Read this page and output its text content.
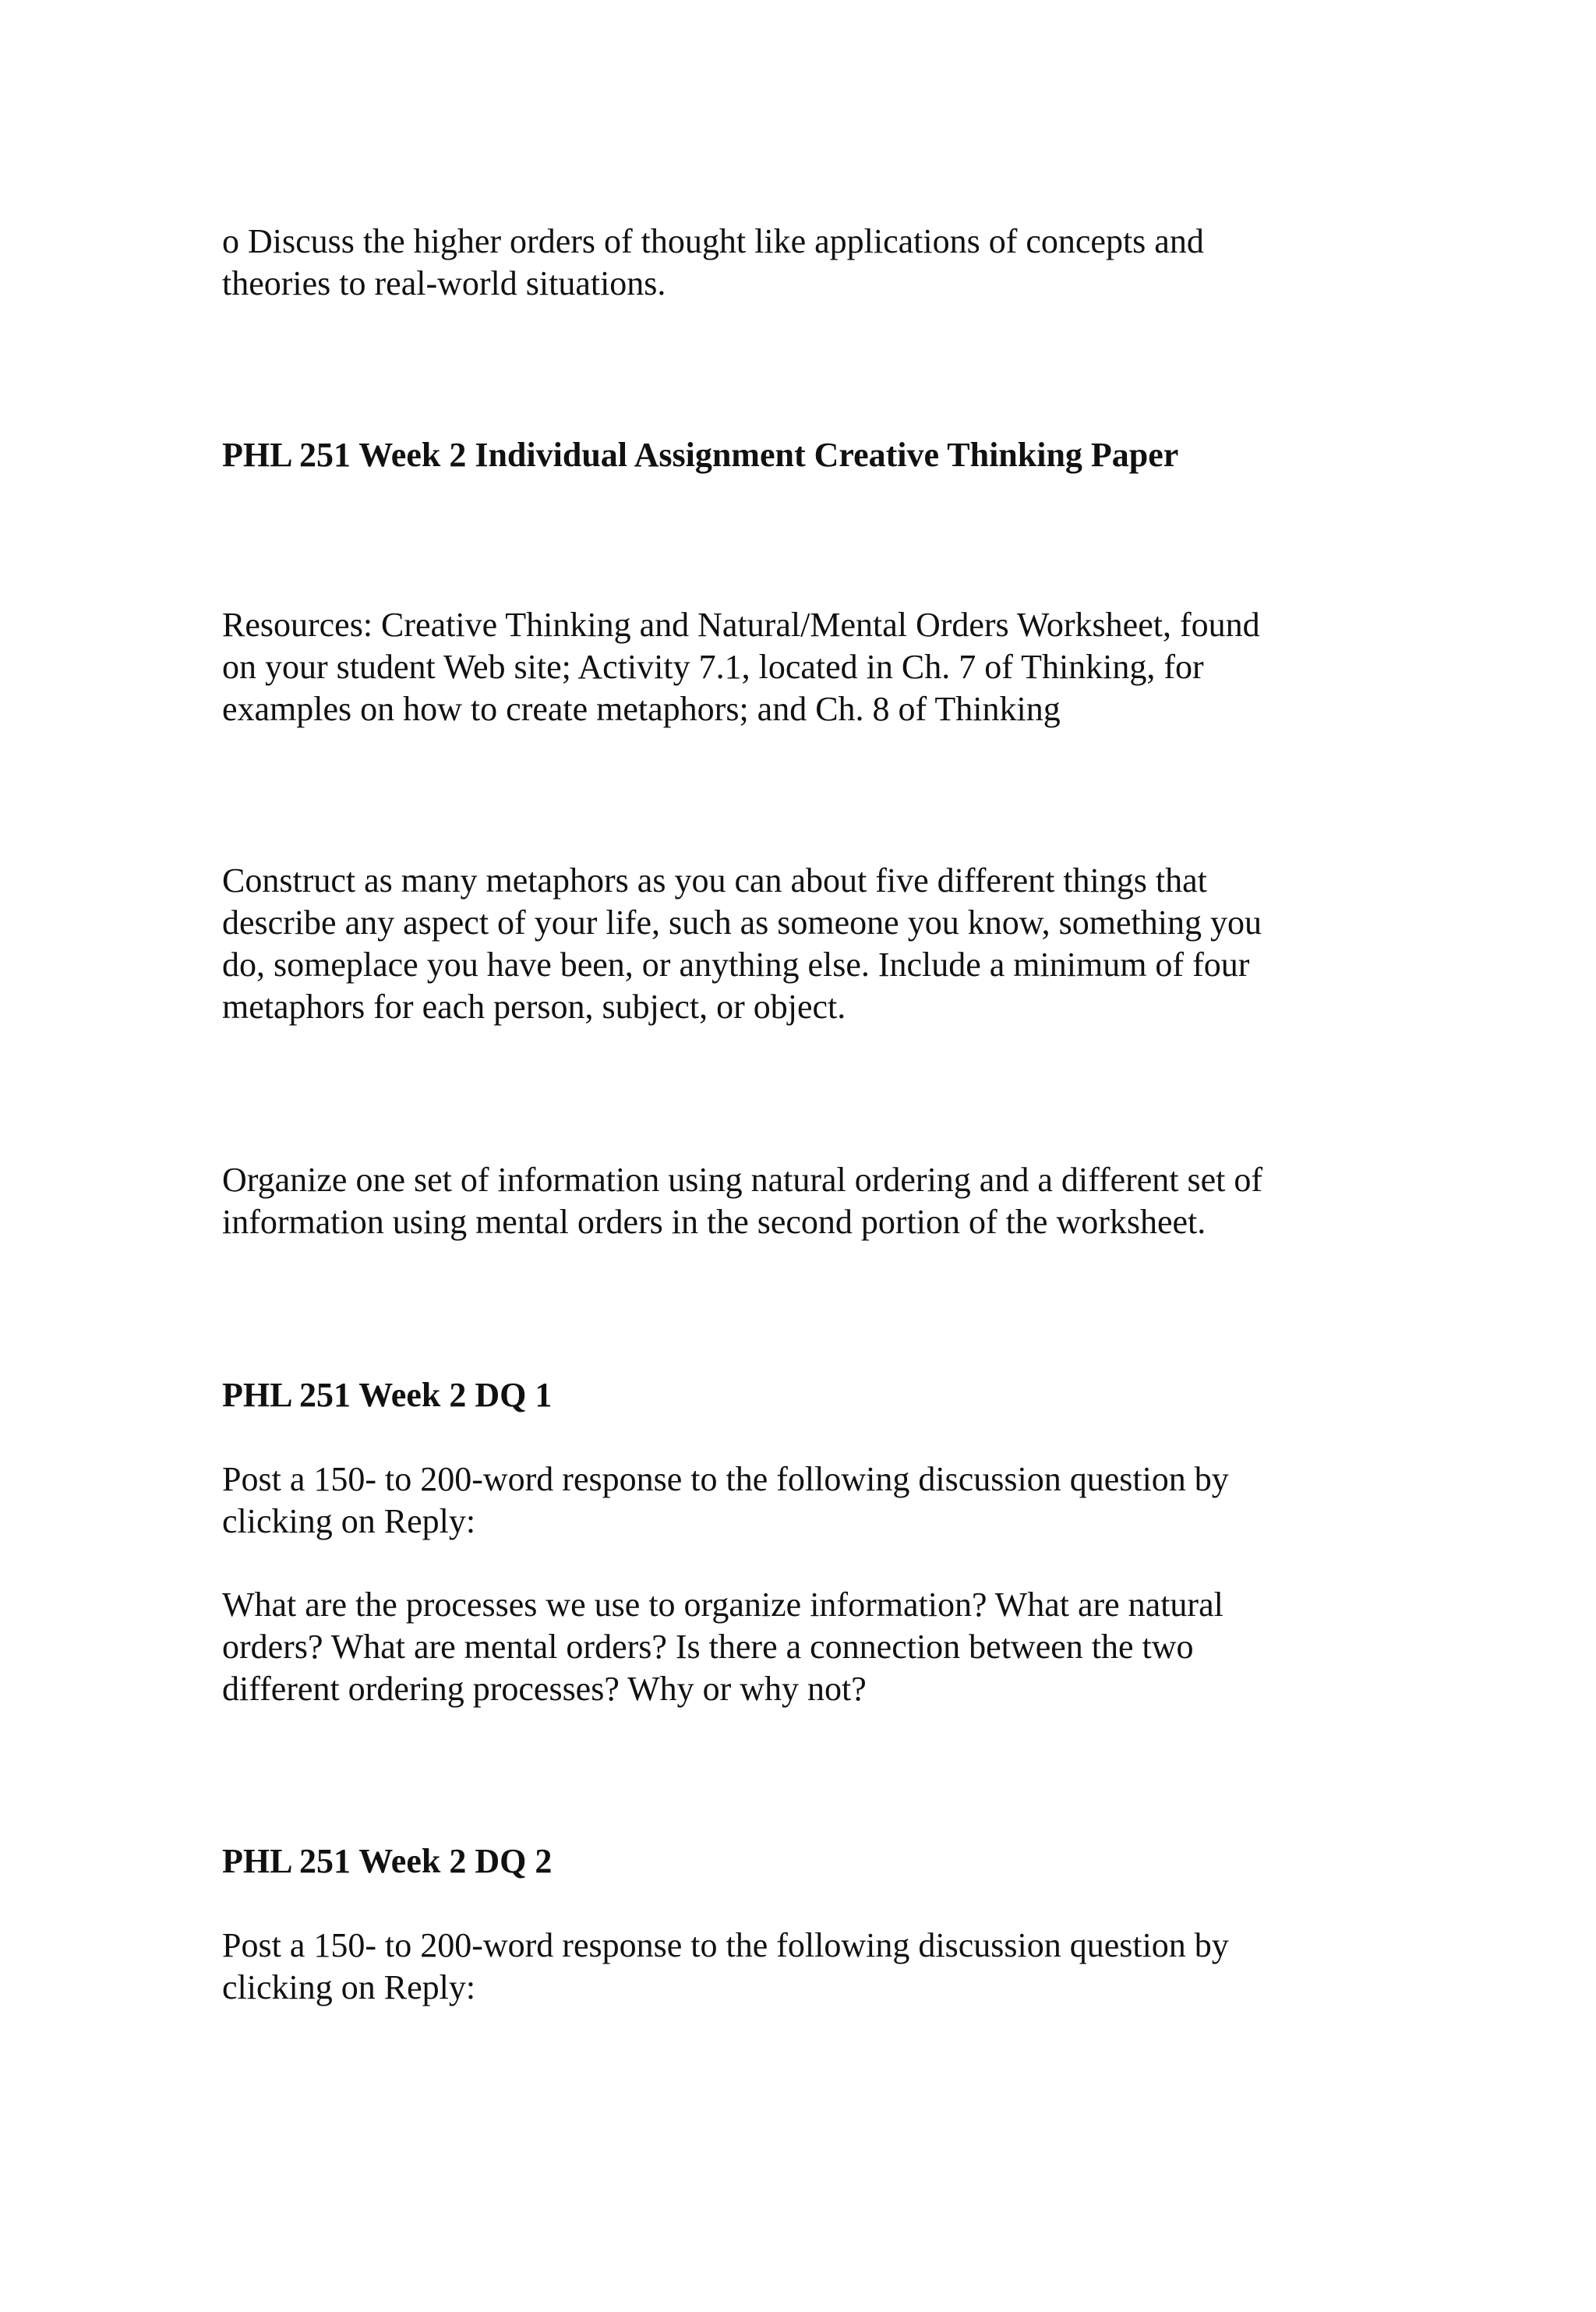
o Discuss the higher orders of thought like applications of concepts and

theories to real-world situations.

PHL 251 Week 2 Individual Assignment Creative Thinking Paper

Resources: Creative Thinking and Natural/Mental Orders Worksheet, found

on your student Web site; Activity 7.1, located in Ch. 7 of Thinking, for

examples on how to create metaphors; and Ch. 8 of Thinking

Construct as many metaphors as you can about five different things that

describe any aspect of your life, such as someone you know, something you

do, someplace you have been, or anything else. Include a minimum of four

metaphors for each person, subject, or object.

Organize one set of information using natural ordering and a different set of

information using mental orders in the second portion of the worksheet.

PHL 251 Week 2 DQ 1

Post a 150- to 200-word response to the following discussion question by

clicking on Reply:

What are the processes we use to organize information? What are natural

orders? What are mental orders? Is there a connection between the two

different ordering processes? Why or why not?

PHL 251 Week 2 DQ 2

Post a 150- to 200-word response to the following discussion question by

clicking on Reply:
